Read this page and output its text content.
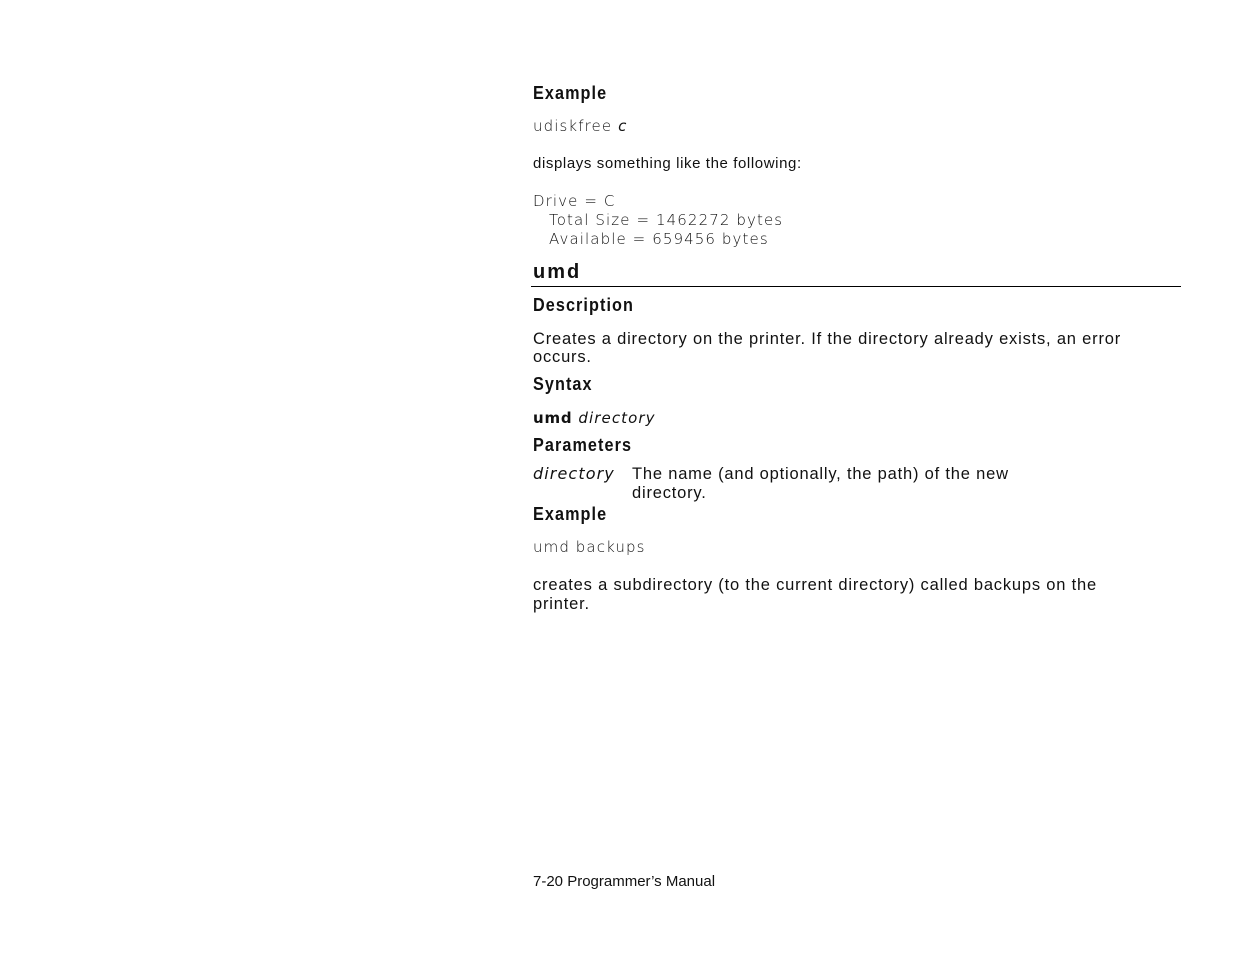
Example
udiskfree c
displays something like the following:
Drive = C
Total Size = 1462272 bytes
Available = 659456 bytes
umd
Description
Creates a directory on the printer. If the directory already exists, an error
occurs.
Syntax
umd directory
Parameters
directory The name (and optionally, the path) of the new
directory.
Example
umd backups
creates a subdirectory (to the current directory) called backups on the
printer.
7-20 Programmer’s Manual
